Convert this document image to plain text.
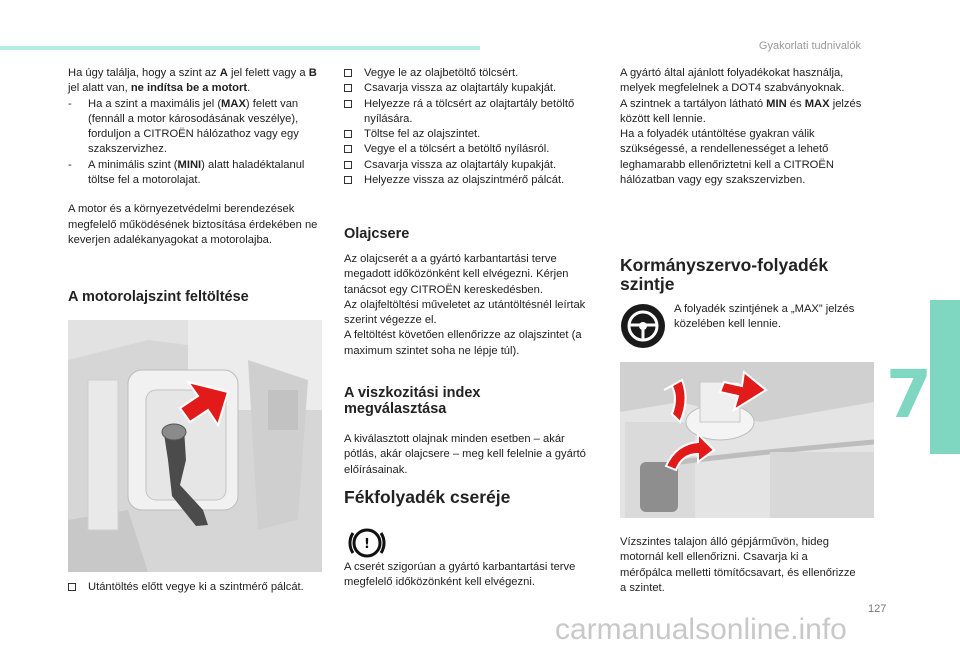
Gyakorlati tudnivalók

Ha úgy találja, hogy a szint az A jel felett vagy a B jel alatt van, ne indítsa be a motort.

- Ha a szint a maximális jel (MAX) felett van (fennáll a motor károsodásának veszélye), forduljon a CITROËN hálózathoz vagy egy szakszervizhez.

- A minimális szint (MINI) alatt haladéktalanul töltse fel a motorolajat.

A motor és a környezetvédelmi berendezések megfelelő működésének biztosítása érdekében ne keverjen adalékanyagokat a motorolajba.

A motorolajszint feltöltése
Utántöltés előtt vegye ki a szintmérő pálcát.

Vegye le az olajbetöltő tölcsért.

Csavarja vissza az olajtartály kupakját.

Helyezze rá a tölcsért az olajtartály betöltő nyílására.

Töltse fel az olajszintet.

Vegye el a tölcsért a betöltő nyílásról.

Csavarja vissza az olajtartály kupakját.

Helyezze vissza az olajszintmérő pálcát.

Olajcsere
Az olajcserét a a gyártó karbantartási terve megadott időközönként kell elvégezni. Kérjen tanácsot egy CITROËN kereskedésben.
Az olajfeltöltési műveletet az utántöltésnél leírtak szerint végezze el.
A feltöltést követően ellenőrizze az olajszintet (a maximum szintet soha ne lépje túl).
A viszkozitási index megválasztása
A kiválasztott olajnak minden esetben – akár pótlás, akár olajcsere – meg kell felelnie a gyártó előírásainak.
Fékfolyadék cseréje
!
A cserét szigorúan a gyártó karbantartási terve megfelelő időközönként kell elvégezni.

A gyártó által ajánlott folyadékokat használja, melyek megfelelnek a DOT4 szabványoknak.
A szintnek a tartályon látható MIN és MAX jelzés között kell lennie.
Ha a folyadék utántöltése gyakran válik szükségessé, a rendellenességet a lehető leghamarabb ellenőriztetni kell a CITROËN hálózatban vagy egy szakszervizben.

Kormányszervo-folyadék szintje
A folyadék szintjének a „MAX” jelzés közelében kell lennie.
Vízszintes talajon álló gépjárművön, hideg motornál kell ellenőrizni. Csavarja ki a mérőpálca melletti tömítőcsavart, és ellenőrizze a szintet.
7
127
carmanualsonline.info
